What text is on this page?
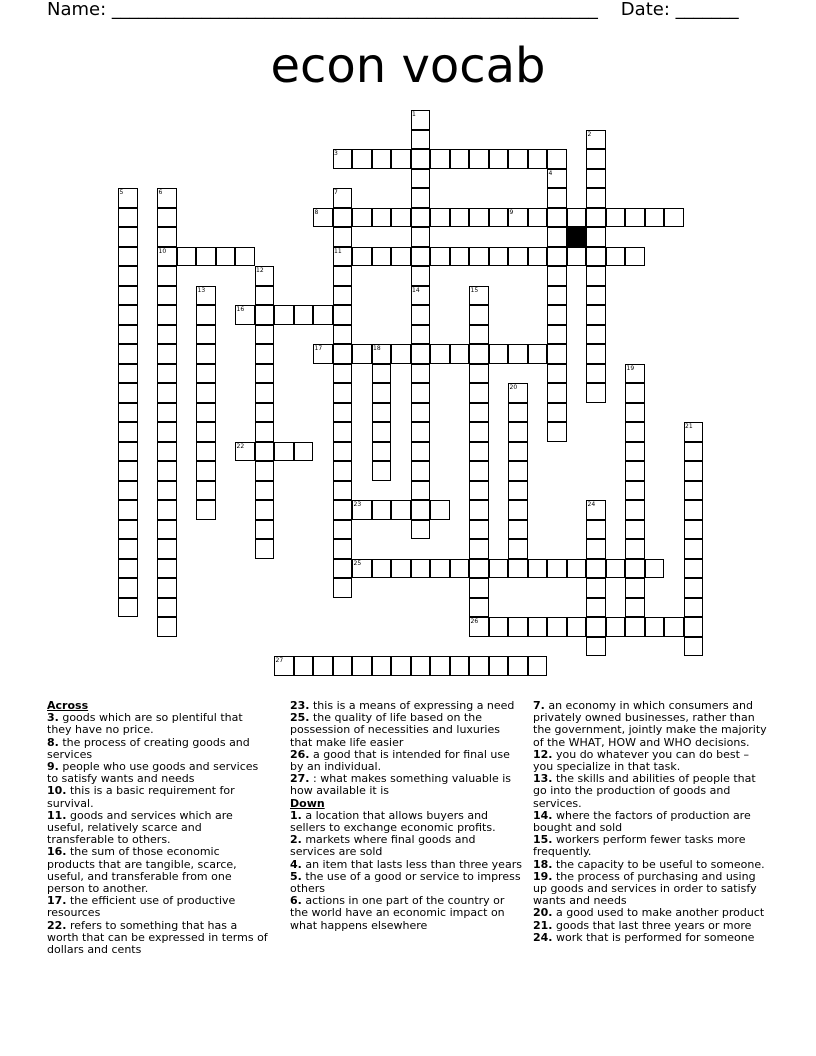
Name: ______________________________________________________ Date: _______
econ vocab
1
2
3
4
5	6	7
8	9
10	11
12
13	14	15
16
17	18
19
20
21
22
23	24
25
26
27

Across

3. goods which are so plentiful that they have no price.

8. the process of creating goods and services

9. people who use goods and services to satisfy wants and needs

10. this is a basic requirement for survival.

11. goods and services which are useful, relatively scarce and transferable to others.

16. the sum of those economic products that are tangible, scarce, useful, and transferable from one person to another.

17. the efficient use of productive resources

22. refers to something that has a worth that can be expressed in terms of dollars and cents

23. this is a means of expressing a need

25. the quality of life based on the possession of necessities and luxuries that make life easier

26. a good that is intended for final use by an individual.

27. : what makes something valuable is how available it is

Down

1. a location that allows buyers and sellers to exchange economic profits.

2. markets where final goods and services are sold

4. an item that lasts less than three years

5. the use of a good or service to impress others

6. actions in one part of the country or the world have an economic impact on what happens elsewhere

7. an economy in which consumers and privately owned businesses, rather than the government, jointly make the majority of the WHAT, HOW and WHO decisions.

12. you do whatever you can do best – you specialize in that task.

13. the skills and abilities of people that go into the production of goods and services.

14. where the factors of production are bought and sold

15. workers perform fewer tasks more frequently.

18. the capacity to be useful to someone.

19. the process of purchasing and using up goods and services in order to satisfy wants and needs

20. a good used to make another product

21. goods that last three years or more

24. work that is performed for someone
